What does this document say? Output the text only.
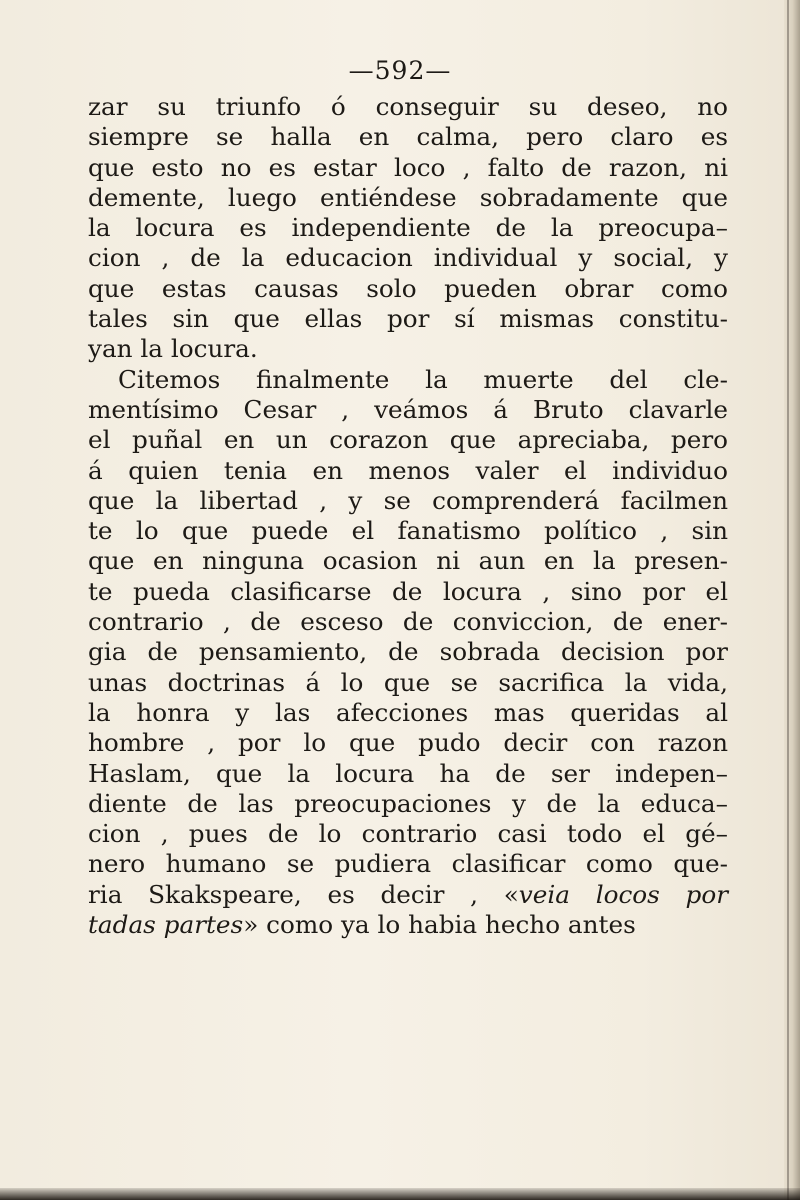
—592—
zar su triunfo ó conseguir su deseo, no
siempre se halla en calma, pero claro es
que esto no es estar loco , falto de razon, ni
demente, luego entiéndese sobradamente que
la locura es independiente de la preocupa–
cion , de la educacion individual y social, y
que estas causas solo pueden obrar como
tales sin que ellas por sí mismas constitu-
yan la locura.
Citemos finalmente la muerte del cle-
mentísimo Cesar , veámos á Bruto clavarle
el puñal en un corazon que apreciaba, pero
á quien tenia en menos valer el individuo
que la libertad , y se comprenderá facilmen
te lo que puede el fanatismo político , sin
que en ninguna ocasion ni aun en la presen-
te pueda clasificarse de locura , sino por el
contrario , de esceso de conviccion, de ener-
gia de pensamiento, de sobrada decision por
unas doctrinas á lo que se sacrifica la vida,
la honra y las afecciones mas queridas al
hombre , por lo que pudo decir con razon
Haslam, que la locura ha de ser indepen–
diente de las preocupaciones y de la educa–
cion , pues de lo contrario casi todo el gé–
nero humano se pudiera clasificar como que-
ria Skakspeare, es decir , «veia locos por
tadas partes» como ya lo habia hecho antes
